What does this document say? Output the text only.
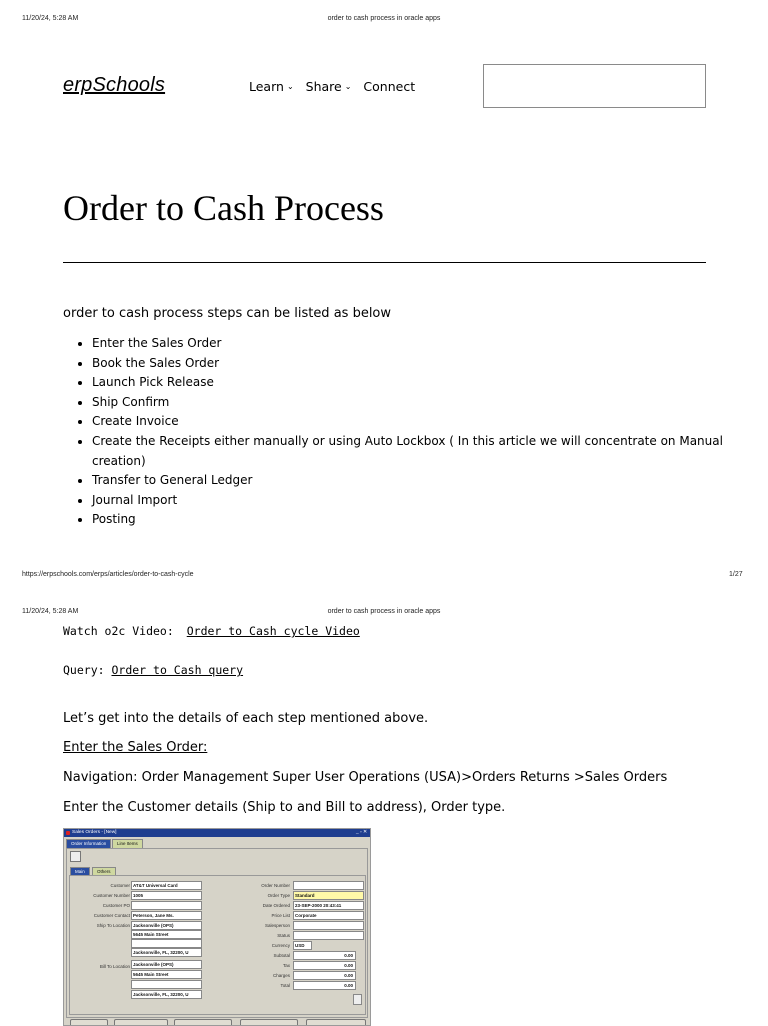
11/20/24, 5:28 AM	order to cash process in oracle apps
erpSchools	Learn ⌄ Share ⌄ Connect
Order to Cash Process
order to cash process steps can be listed as below
• Enter the Sales Order
• Book the Sales Order
• Launch Pick Release
• Ship Confirm
• Create Invoice
• Create the Receipts either manually or using Auto Lockbox ( In this article we will concentrate on Manual creation)
• Transfer to General Ledger
• Journal Import
• Posting
https://erpschools.com/erps/articles/order-to-cash-cycle	1/27
11/20/24, 5:28 AM	order to cash process in oracle apps
Watch o2c Video: Order to Cash cycle Video
Query: Order to Cash query
Let’s get into the details of each step mentioned above.
Enter the Sales Order:
Navigation: Order Management Super User Operations (USA)>Orders Returns >Sales Orders
Enter the Customer details (Ship to and Bill to address), Order type.
Sales Orders - [New]	_ ▫ ✕
Order Information	Line Items
Main	Others
Customer AT&T Universal Card
Customer Number 1005
Customer PO
Customer Contact Peterson, Jane Ms.
Ship To Location Jacksonville (OPS)
5645 Main Street
Jacksonville, FL, 32200, U
Bill To Location Jacksonville (OPS)
5645 Main Street
Jacksonville, FL, 32200, U
Order Number
Order Type	Standard
Date Ordered	23-SEP-2000 20:43:41
Price List	Corporate
Salesperson
Status
Currency	USD
Subtotal	0.00
Tax	0.00
Charges	0.00
Total	0.00
